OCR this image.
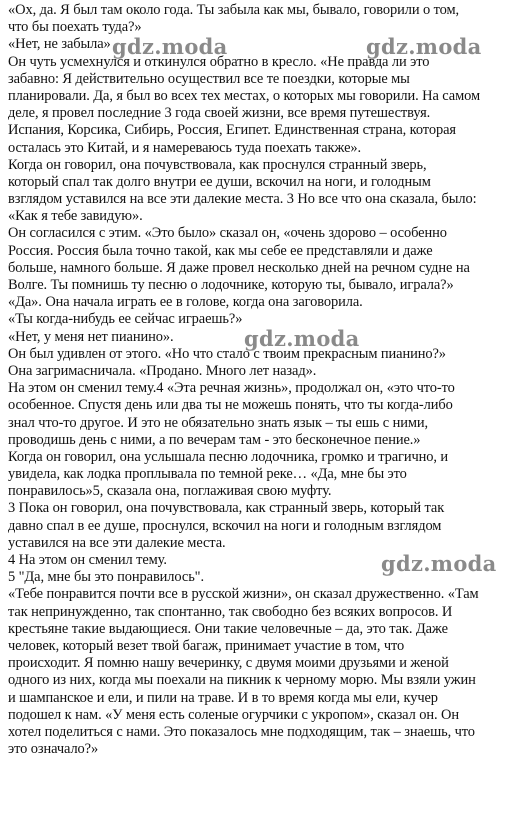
«Ох, да. Я был там около года. Ты забыла как мы, бывало, говорили о том,
что бы поехать туда?»
«Нет, не забыла»
Он чуть усмехнулся и откинулся обратно в кресло. «Не правда ли это
забавно: Я действительно осуществил все те поездки, которые мы
планировали. Да, я был во всех тех местах, о которых мы говорили. На самом
деле, я провел последние 3 года своей жизни, все время путешествуя.
Испания, Корсика, Сибирь, Россия, Египет. Единственная страна, которая
осталась это Китай, и я намереваюсь туда поехать также».
Когда он говорил, она почувствовала, как проснулся странный зверь,
который спал так долго внутри ее души, вскочил на ноги, и голодным
взглядом уставился на все эти далекие места. 3 Но все что она сказала, было:
«Как я тебе завидую».
Он согласился с этим. «Это было» сказал он, «очень здорово – особенно
Россия. Россия была точно такой, как мы себе ее представляли и даже
больше, намного больше. Я даже провел несколько дней на речном судне на
Волге. Ты помнишь ту песню о лодочнике, которую ты, бывало, играла?»
«Да». Она начала играть ее в голове, когда она заговорила.
«Ты когда-нибудь ее сейчас играешь?»
«Нет, у меня нет пианино».
Он был удивлен от этого. «Но что стало с твоим прекрасным пианино?»
Она загримасничала. «Продано. Много лет назад».
На этом он сменил тему.4 «Эта речная жизнь», продолжал он, «это что-то
особенное. Спустя день или два ты не можешь понять, что ты когда-либо
знал что-то другое. И это не обязательно знать язык – ты ешь с ними,
проводишь день с ними, а по вечерам там - это бесконечное пение.»
Когда он говорил, она услышала песню лодочника, громко и трагично, и
увидела, как лодка проплывала по темной реке… «Да, мне бы это
понравилось»5, сказала она, поглаживая свою муфту.
3 Пока он говорил, она почувствовала, как странный зверь, который так
давно спал в ее душе, проснулся, вскочил на ноги и голодным взглядом
уставился на все эти далекие места.
4 На этом он сменил тему.
5 "Да, мне бы это понравилось".
«Тебе понравится почти все в русской жизни», он сказал дружественно. «Там
так непринужденно, так спонтанно, так свободно без всяких вопросов. И
крестьяне такие выдающиеся. Они такие человечные – да, это так. Даже
человек, который везет твой багаж, принимает участие в том, что
происходит. Я помню нашу вечеринку, с двумя моими друзьями и женой
одного из них, когда мы поехали на пикник к черному морю. Мы взяли ужин
и шампанское и ели, и пили на траве. И в то время когда мы ели, кучер
подошел к нам. «У меня есть соленые огурчики с укропом», сказал он. Он
хотел поделиться с нами. Это показалось мне подходящим, так – знаешь, что
это означало?»
gdz.moda	gdz.moda
gdz.moda
gdz.moda
